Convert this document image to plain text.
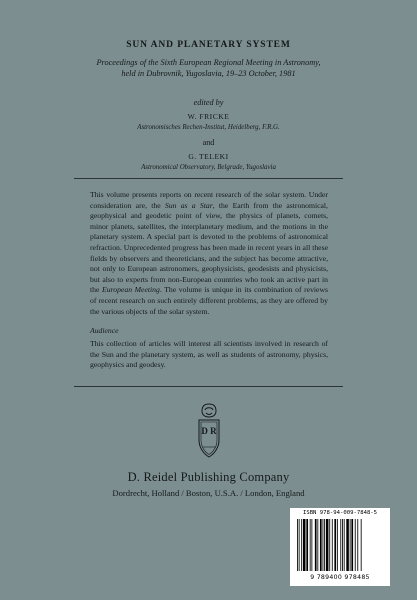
SUN AND PLANETARY SYSTEM
Proceedings of the Sixth European Regional Meeting in Astronomy,
held in Dubrovnik, Yugoslavia, 19–23 October, 1981
edited by
W. FRICKE
Astronomisches Rechen-Institut, Heidelberg, F.R.G.
and
G. TELEKI
Astronomical Observatory, Belgrade, Yugoslavia

This volume presents reports on recent research of the solar system. Under consideration are, the Sun as a Star, the Earth from the astronomical, geophysical and geodetic point of view, the physics of planets, comets, minor planets, satellites, the interplanetary medium, and the motions in the planetary system. A special part is devoted to the problems of astronomical refraction. Unprecedented progress has been made in recent years in all these fields by observers and theoreticians, and the subject has become attractive, not only to European astronomers, geophysicists, geodesists and physicists, but also to experts from non-European countries who took an active part in the European Meeting. The volume is unique in its combination of reviews of recent research on such entirely different problems, as they are offered by the various objects of the solar system.

Audience

This collection of articles will interest all scientists involved in research of the Sun and the planetary system, as well as students of astronomy, physics, geophysics and geodesy.

D R
D. Reidel Publishing Company
Dordrecht, Holland / Boston, U.S.A. / London, England
ISBN 978-94-009-7848-5
9 789400 978485
